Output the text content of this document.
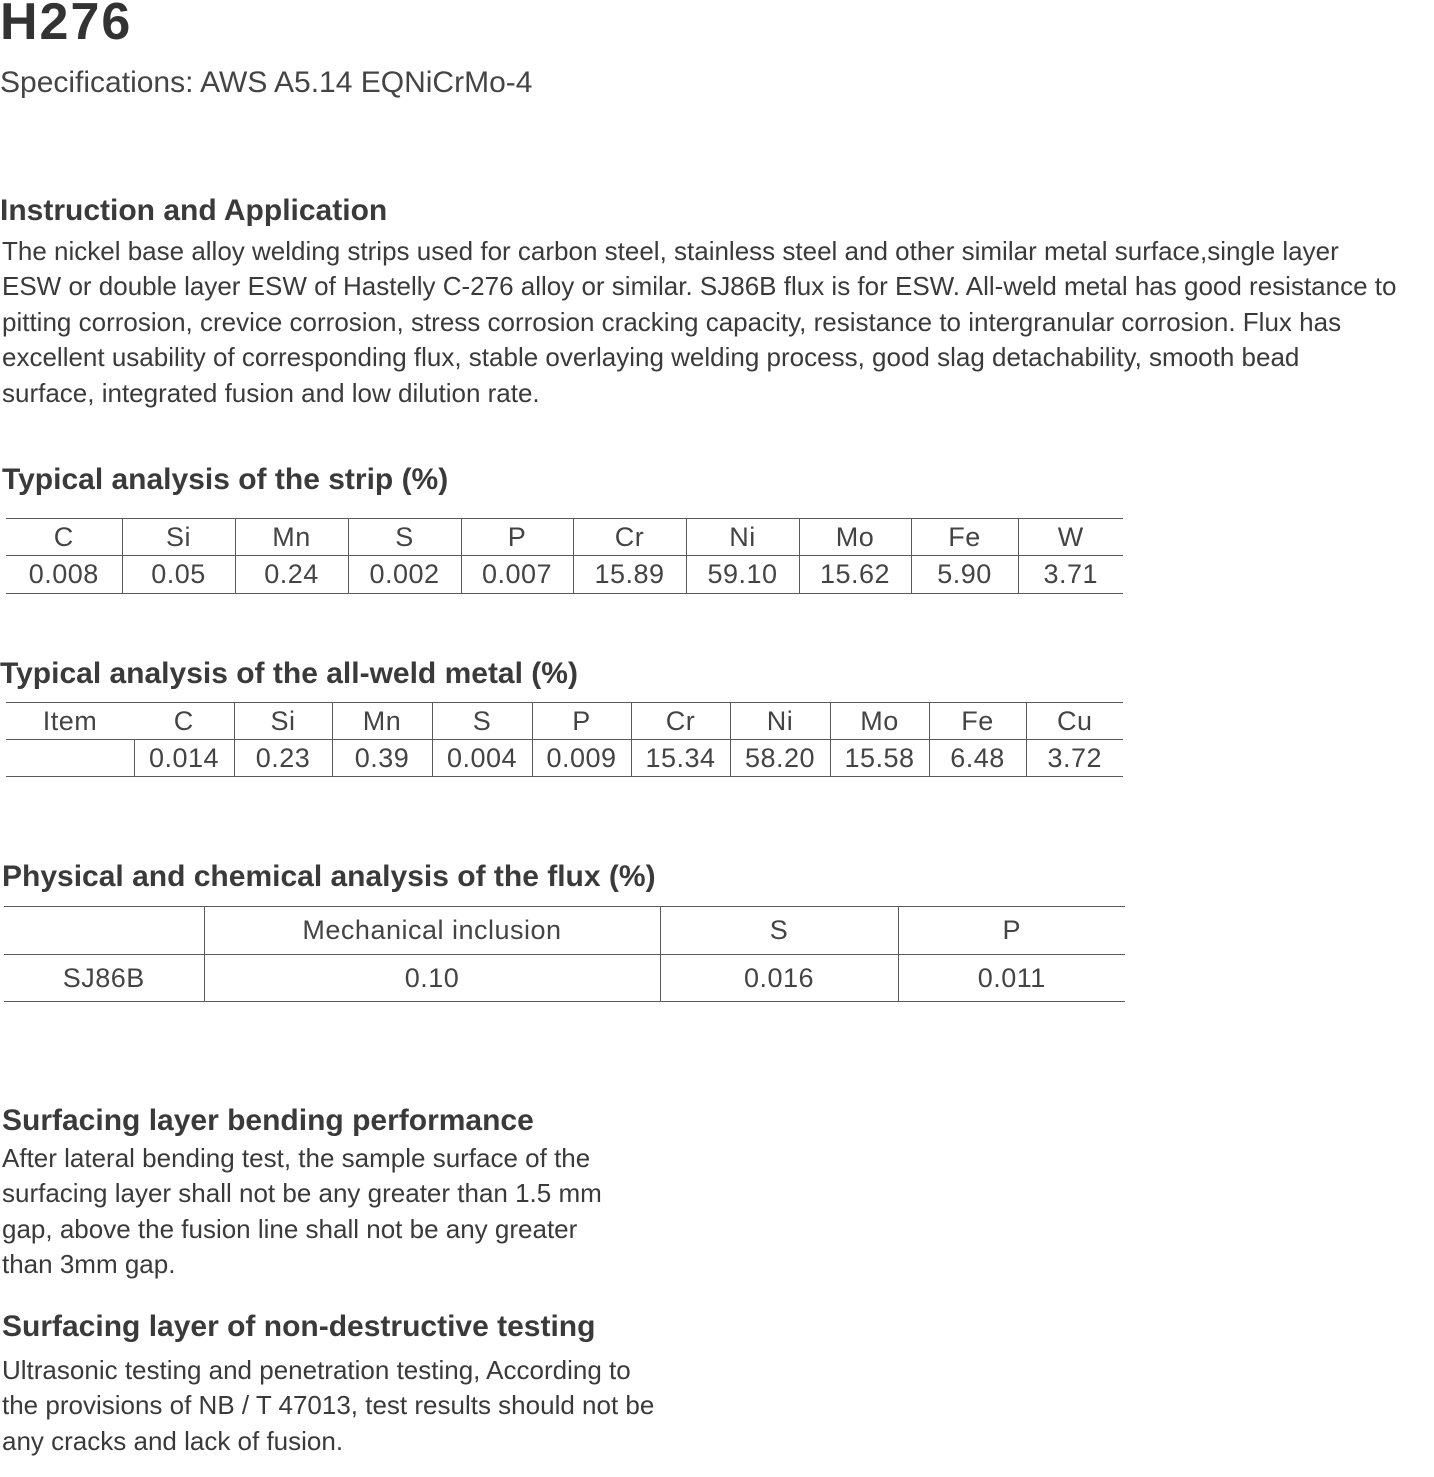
H276
Specifications: AWS A5.14 EQNiCrMo-4
Instruction and Application
The nickel base alloy welding strips used for carbon steel, stainless steel and other similar metal surface,single layer
ESW or double layer ESW of Hastelly C-276 alloy or similar. SJ86B flux is for ESW. All-weld metal has good resistance to
pitting corrosion, crevice corrosion, stress corrosion cracking capacity, resistance to intergranular corrosion. Flux has
excellent usability of corresponding flux, stable overlaying welding process, good slag detachability, smooth bead
surface, integrated fusion and low dilution rate.
Typical analysis of the strip (%)
C	Si	Mn	S	P	Cr	Ni	Mo	Fe	W
0.008	0.05	0.24	0.002	0.007	15.89	59.10	15.62	5.90	3.71
Typical analysis of the all-weld metal (%)
Item	C	Si	Mn	S	P	Cr	Ni	Mo	Fe	Cu
	0.014	0.23	0.39	0.004	0.009	15.34	58.20	15.58	6.48	3.72
Physical and chemical analysis of the flux (%)
	Mechanical inclusion	S	P
SJ86B	0.10	0.016	0.011
Surfacing layer bending performance
After lateral bending test, the sample surface of the
surfacing layer shall not be any greater than 1.5 mm
gap, above the fusion line shall not be any greater
than 3mm gap.
Surfacing layer of non-destructive testing
Ultrasonic testing and penetration testing, According to
the provisions of NB / T 47013, test results should not be
any cracks and lack of fusion.
